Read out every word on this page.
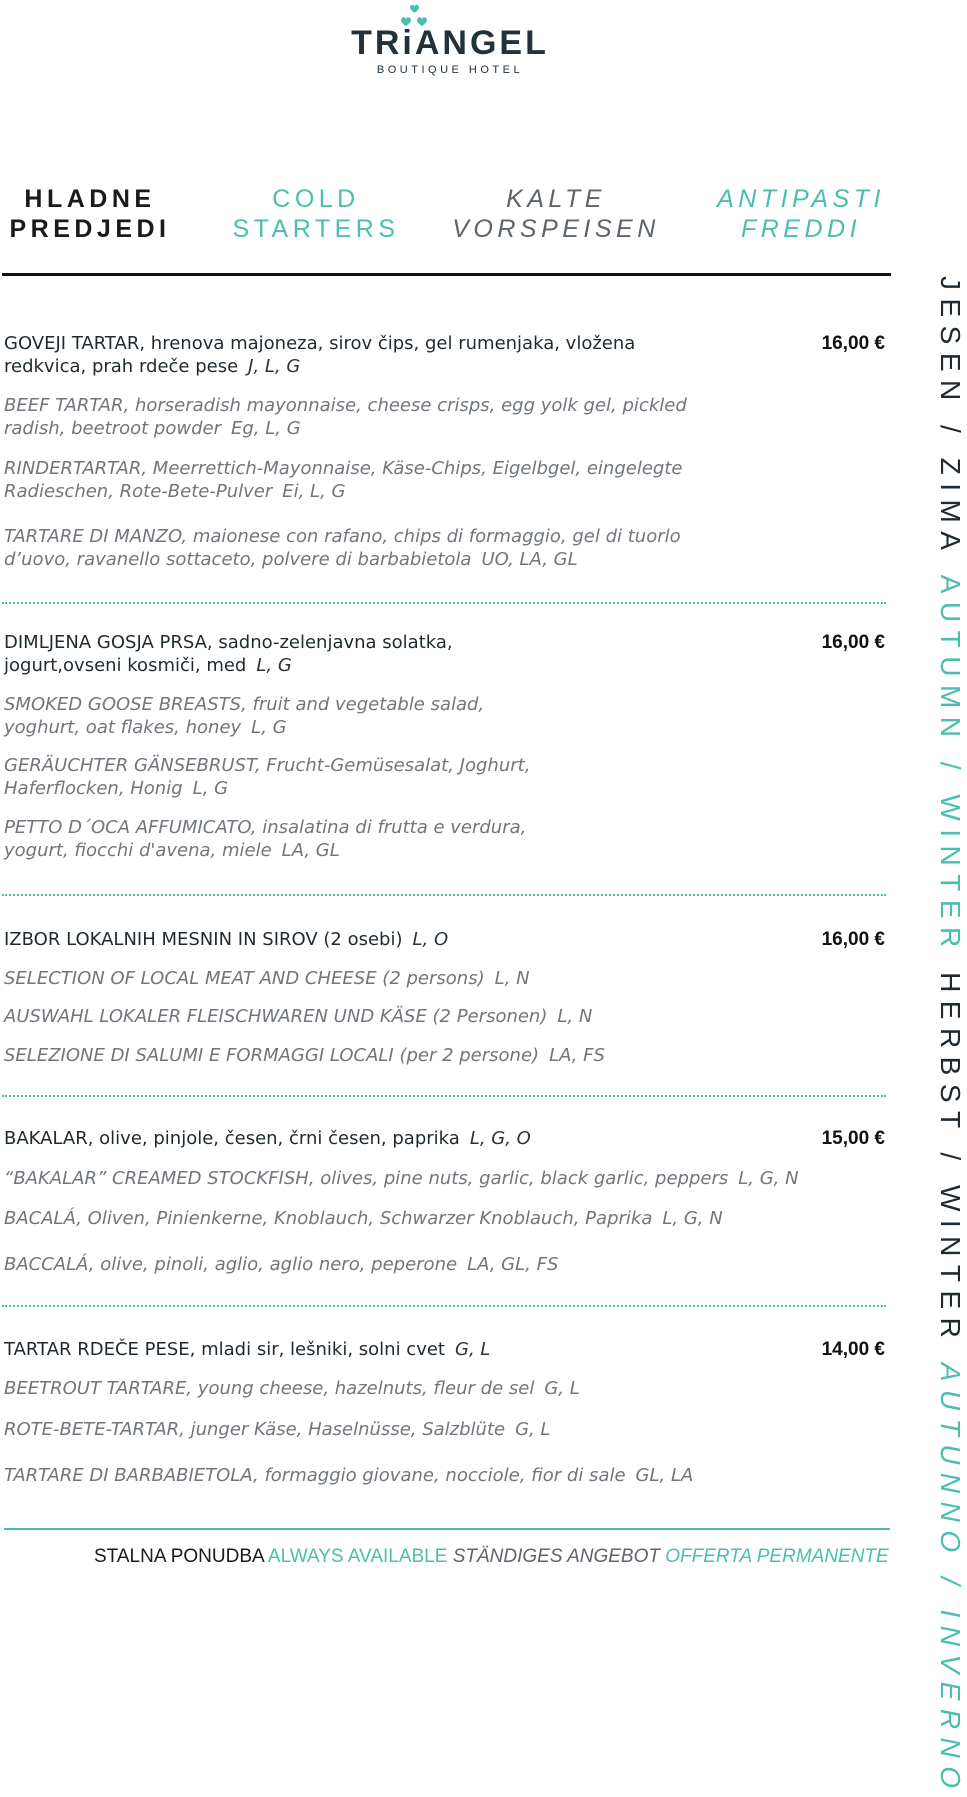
TRiANGEL
BOUTIQUE HOTEL
HLADNE PREDJEDI
COLD STARTERS
KALTE VORSPEISEN
ANTIPASTI FREDDI

GOVEJI TARTAR, hrenova majoneza, sirov čips, gel rumenjaka, vložena

redkvica, prah rdeče pese J, L, G

BEEF TARTAR, horseradish mayonnaise, cheese crisps, egg yolk gel, pickled

radish, beetroot powder Eg, L, G

RINDERTARTAR, Meerrettich-Mayonnaise, Käse-Chips, Eigelbgel, eingelegte

Radieschen, Rote-Bete-Pulver Ei, L, G

TARTARE DI MANZO, maionese con rafano, chips di formaggio, gel di tuorlo

d’uovo, ravanello sottaceto, polvere di barbabietola UO, LA, GL

16,00 €

DIMLJENA GOSJA PRSA, sadno-zelenjavna solatka,

jogurt,ovseni kosmiči, med L, G

SMOKED GOOSE BREASTS, fruit and vegetable salad,

yoghurt, oat flakes, honey L, G

GERÄUCHTER GÄNSEBRUST, Frucht-Gemüsesalat, Joghurt,

Haferflocken, Honig L, G

PETTO D´OCA AFFUMICATO, insalatina di frutta e verdura,

yogurt, fiocchi d'avena, miele LA, GL

16,00 €

IZBOR LOKALNIH MESNIN IN SIROV (2 osebi) L, O

SELECTION OF LOCAL MEAT AND CHEESE (2 persons) L, N

AUSWAHL LOKALER FLEISCHWAREN UND KÄSE (2 Personen) L, N

SELEZIONE DI SALUMI E FORMAGGI LOCALI (per 2 persone) LA, FS

16,00 €

BAKALAR, olive, pinjole, česen, črni česen, paprika L, G, O

“BAKALAR” CREAMED STOCKFISH, olives, pine nuts, garlic, black garlic, peppers L, G, N

BACALÁ, Oliven, Pinienkerne, Knoblauch, Schwarzer Knoblauch, Paprika L, G, N

BACCALÁ, olive, pinoli, aglio, aglio nero, peperone LA, GL, FS

15,00 €

TARTAR RDEČE PESE, mladi sir, lešniki, solni cvet G, L

BEETROUT TARTARE, young cheese, hazelnuts, fleur de sel G, L

ROTE-BETE-TARTAR, junger Käse, Haselnüsse, Salzblüte G, L

TARTARE DI BARBABIETOLA, formaggio giovane, nocciole, fior di sale GL, LA

14,00 €
STALNA PONUDBA ALWAYS AVAILABLE STÄNDIGES ANGEBOT OFFERTA PERMANENTE
JESEN / ZIMA AUTUMN / WINTER HERBST / WINTER AUTUNNO / INVERNO
